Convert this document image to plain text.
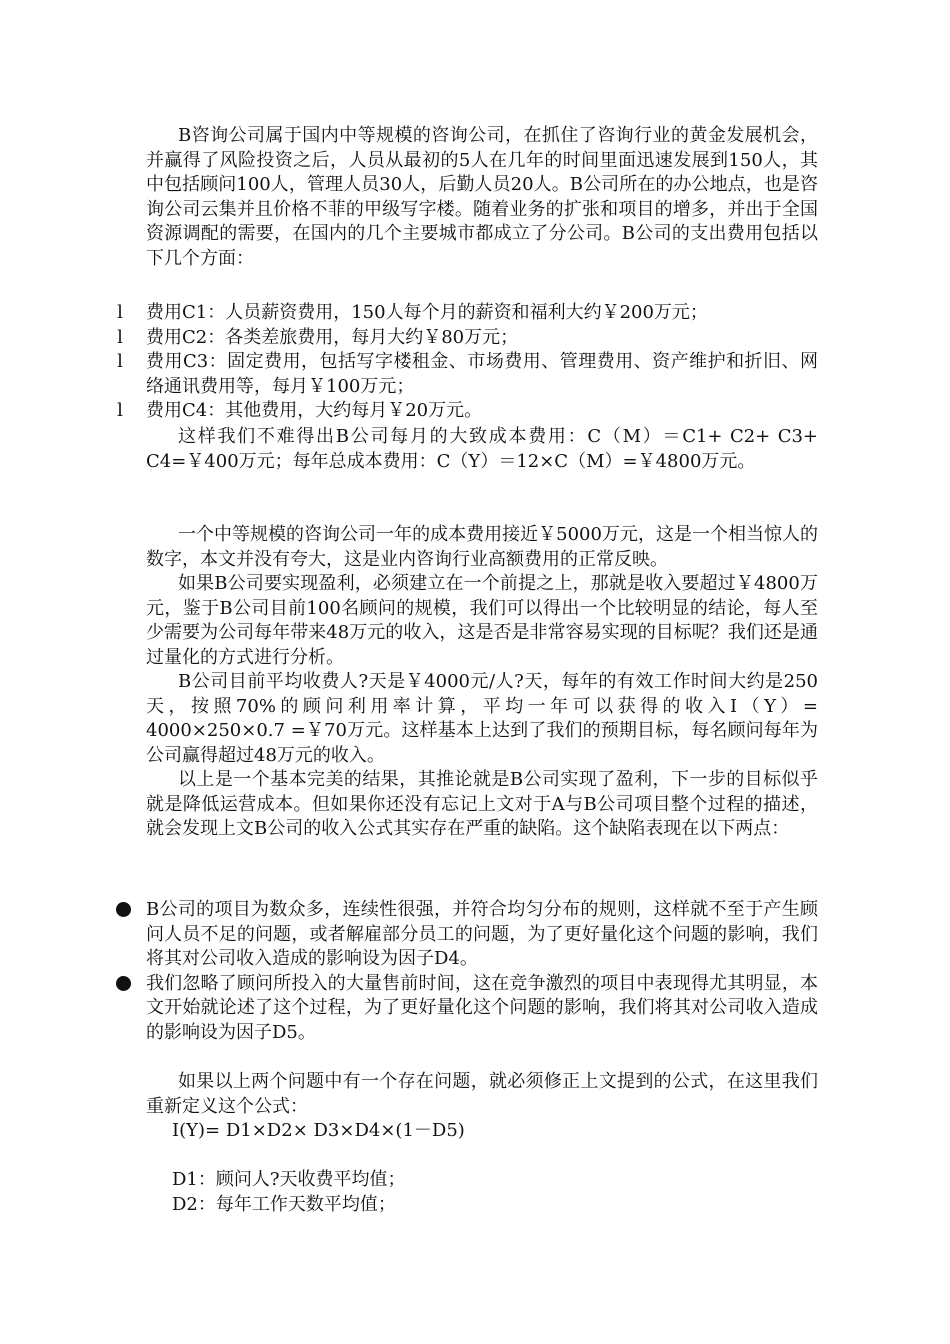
B咨询公司属于国内中等规模的咨询公司，在抓住了咨询行业的黄金发展机会，并赢得了风险投资之后，人员从最初的5人在几年的时间里面迅速发展到150人，其中包括顾问100人，管理人员30人，后勤人员20人。B公司所在的办公地点，也是咨询公司云集并且价格不菲的甲级写字楼。随着业务的扩张和项目的增多，并出于全国资源调配的需要，在国内的几个主要城市都成立了分公司。B公司的支出费用包括以下几个方面：

l	费用C1：人员薪资费用，150人每个月的薪资和福利大约￥200万元；

l	费用C2：各类差旅费用，每月大约￥80万元；

l	费用C3：固定费用，包括写字楼租金、市场费用、管理费用、资产维护和折旧、网络通讯费用等，每月￥100万元；

l	费用C4：其他费用，大约每月￥20万元。

这样我们不难得出B公司每月的大致成本费用：C（M）＝C1+ C2+ C3+ C4=￥400万元；每年总成本费用：C（Y）＝12×C（M）=￥4800万元。

一个中等规模的咨询公司一年的成本费用接近￥5000万元，这是一个相当惊人的数字，本文并没有夸大，这是业内咨询行业高额费用的正常反映。

如果B公司要实现盈利，必须建立在一个前提之上，那就是收入要超过￥4800万元，鉴于B公司目前100名顾问的规模，我们可以得出一个比较明显的结论，每人至少需要为公司每年带来48万元的收入，这是否是非常容易实现的目标呢？我们还是通过量化的方式进行分析。

B公司目前平均收费人?天是￥4000元/人?天，每年的有效工作时间大约是250天，按照70%的顾问利用率计算，平均一年可以获得的收入I（Y）= 4000×250×0.7 =￥70万元。这样基本上达到了我们的预期目标，每名顾问每年为公司赢得超过48万元的收入。

以上是一个基本完美的结果，其推论就是B公司实现了盈利，下一步的目标似乎就是降低运营成本。但如果你还没有忘记上文对于A与B公司项目整个过程的描述，就会发现上文B公司的收入公式其实存在严重的缺陷。这个缺陷表现在以下两点：

B公司的项目为数众多，连续性很强，并符合均匀分布的规则，这样就不至于产生顾问人员不足的问题，或者解雇部分员工的问题，为了更好量化这个问题的影响，我们将其对公司收入造成的影响设为因子D4。

我们忽略了顾问所投入的大量售前时间，这在竞争激烈的项目中表现得尤其明显，本文开始就论述了这个过程，为了更好量化这个问题的影响，我们将其对公司收入造成的影响设为因子D5。

如果以上两个问题中有一个存在问题，就必须修正上文提到的公式，在这里我们重新定义这个公式：

I(Y)= D1×D2× D3×D4×(1－D5)

D1：顾问人?天收费平均值；

D2：每年工作天数平均值；
